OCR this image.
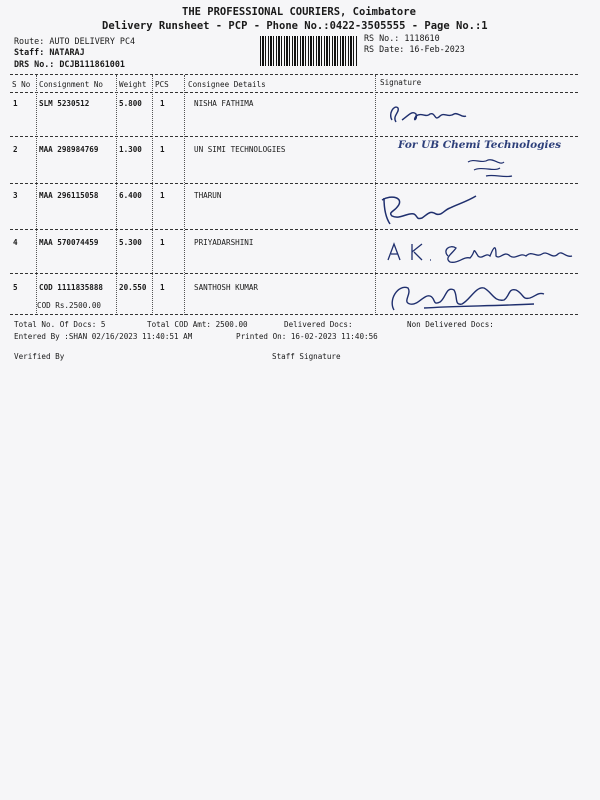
THE PROFESSIONAL COURIERS, Coimbatore
Delivery Runsheet - PCP - Phone No.:0422-3505555 - Page No.:1
Route: AUTO DELIVERY PC4
Staff: NATARAJ
DRS No.: DCJB111861001
RS No.: 1118610
RS Date: 16-Feb-2023
S No Consignment No Weight PCS	Consignee Details	Signature
1	SLM 5230512	5.800 1	NISHA FATHIMA
2	MAA 298984769	1.300 1	UN SIMI TECHNOLOGIES	For UB Chemi Technologies
3	MAA 296115058	6.400 1	THARUN
4	MAA 570074459	5.300 1	PRIYADARSHINI
5	COD 1111835888 20.550 1	SANTHOSH KUMAR
COD Rs.2500.00
Total No. Of Docs: 5	Total COD Amt: 2500.00	Delivered Docs:	Non Delivered Docs:
Entered By :SHAN 02/16/2023 11:40:51 AM	Printed On: 16-02-2023 11:40:56
Verified By	Staff Signature
